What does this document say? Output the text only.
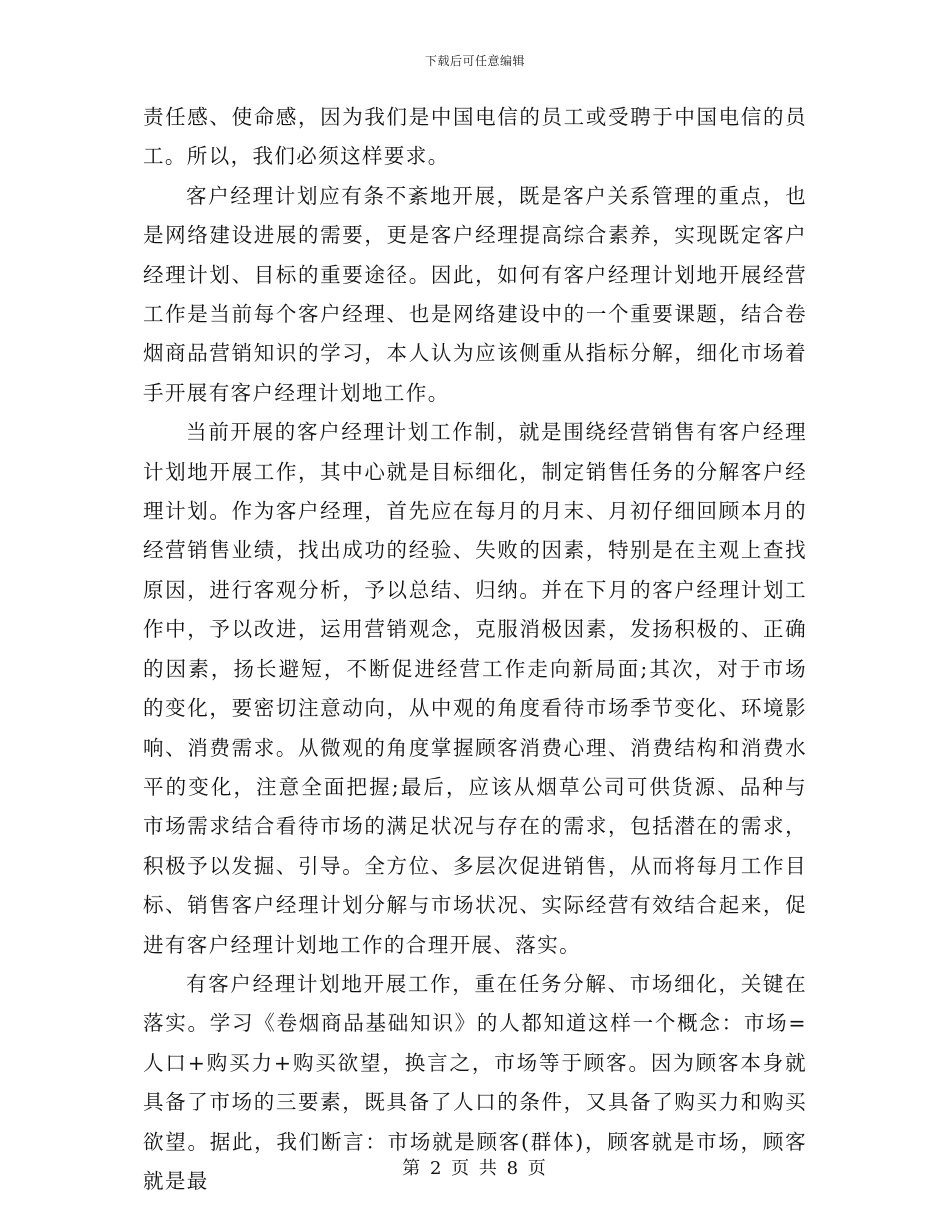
下载后可任意编辑

责任感、使命感，因为我们是中国电信的员工或受聘于中国电信的员工。所以，我们必须这样要求。

客户经理计划应有条不紊地开展，既是客户关系管理的重点，也是网络建设进展的需要，更是客户经理提高综合素养，实现既定客户经理计划、目标的重要途径。因此，如何有客户经理计划地开展经营工作是当前每个客户经理、也是网络建设中的一个重要课题，结合卷烟商品营销知识的学习，本人认为应该侧重从指标分解，细化市场着手开展有客户经理计划地工作。

当前开展的客户经理计划工作制，就是围绕经营销售有客户经理计划地开展工作，其中心就是目标细化，制定销售任务的分解客户经理计划。作为客户经理，首先应在每月的月末、月初仔细回顾本月的经营销售业绩，找出成功的经验、失败的因素，特别是在主观上查找原因，进行客观分析，予以总结、归纳。并在下月的客户经理计划工作中，予以改进，运用营销观念，克服消极因素，发扬积极的、正确的因素，扬长避短，不断促进经营工作走向新局面;其次，对于市场的变化，要密切注意动向，从中观的角度看待市场季节变化、环境影响、消费需求。从微观的角度掌握顾客消费心理、消费结构和消费水平的变化，注意全面把握;最后，应该从烟草公司可供货源、品种与市场需求结合看待市场的满足状况与存在的需求，包括潜在的需求，积极予以发掘、引导。全方位、多层次促进销售，从而将每月工作目标、销售客户经理计划分解与市场状况、实际经营有效结合起来，促进有客户经理计划地工作的合理开展、落实。

有客户经理计划地开展工作，重在任务分解、市场细化，关键在落实。学习《卷烟商品基础知识》的人都知道这样一个概念：市场=人口+购买力+购买欲望，换言之，市场等于顾客。因为顾客本身就具备了市场的三要素，既具备了人口的条件，又具备了购买力和购买欲望。据此，我们断言：市场就是顾客(群体)，顾客就是市场，顾客就是最

第 2 页 共 8 页
